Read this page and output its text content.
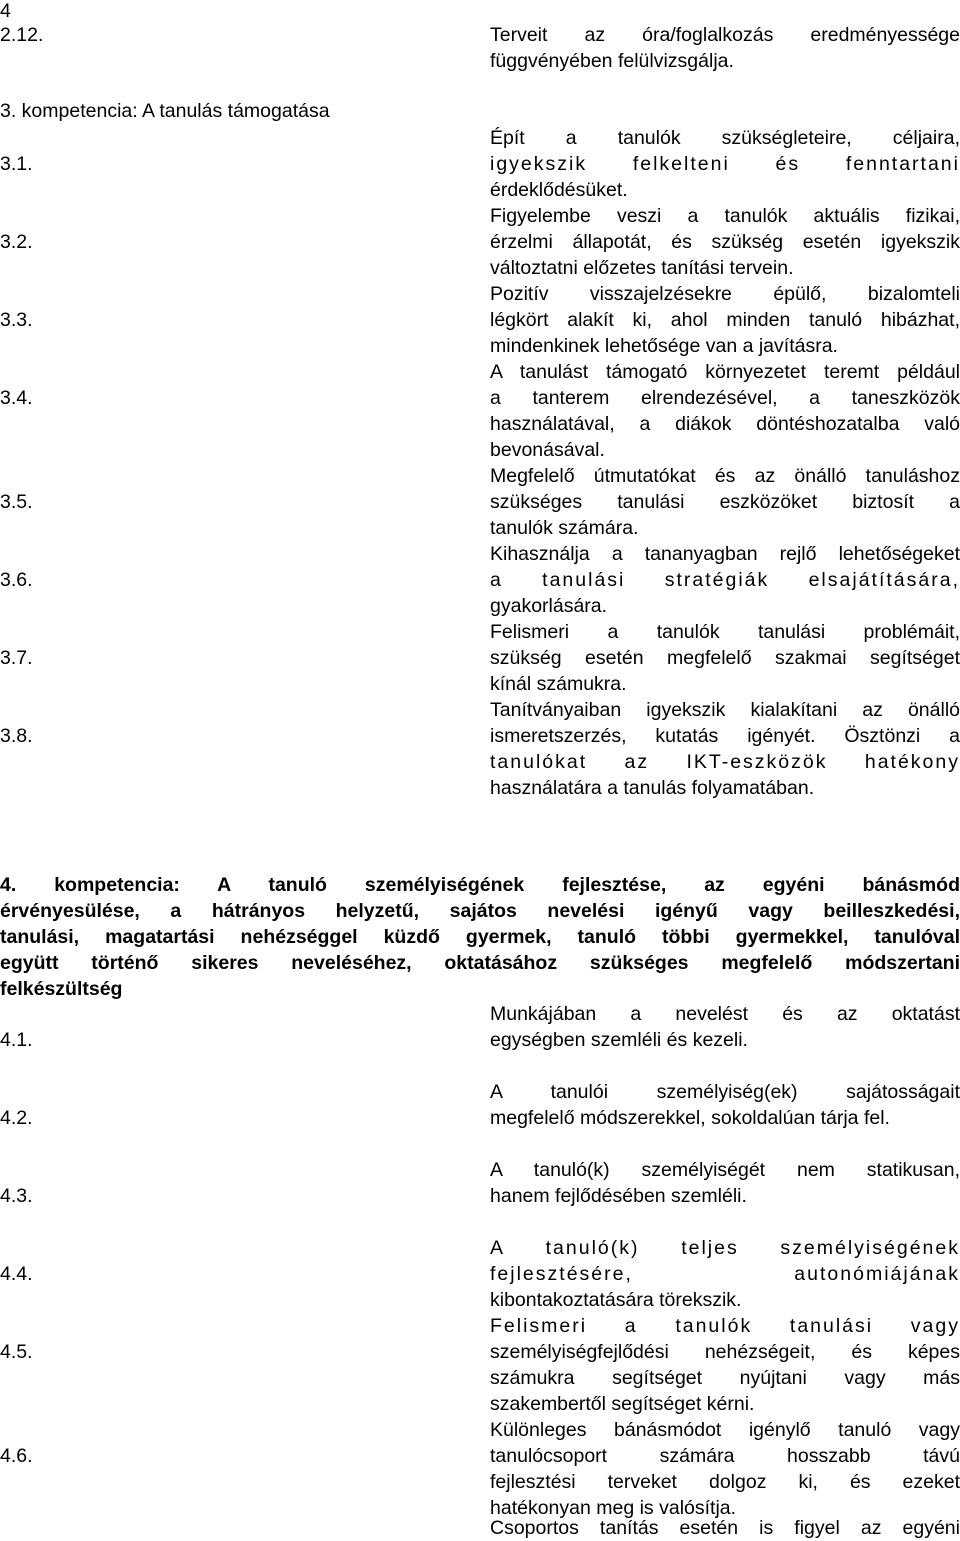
4
2.12.	Terveit az óra/foglalkozás eredményessége
függvényében felülvizsgálja.
3. kompetencia: A tanulás támogatása
3.1.
Épít a tanulók szükségleteire, céljaira,
igyekszik felkelteni és fenntartani
érdeklődésüket.
3.2.
Figyelembe veszi a tanulók aktuális fizikai,
érzelmi állapotát, és szükség esetén igyekszik
változtatni előzetes tanítási tervein.
3.3.
Pozitív visszajelzésekre épülő, bizalomteli
légkört alakít ki, ahol minden tanuló hibázhat,
mindenkinek lehetősége van a javításra.
3.4.
A tanulást támogató környezetet teremt például
a tanterem elrendezésével, a taneszközök
használatával, a diákok döntéshozatalba való
bevonásával.
3.5.
Megfelelő útmutatókat és az önálló tanuláshoz
szükséges tanulási eszközöket biztosít a
tanulók számára.
3.6.
Kihasználja a tananyagban rejlő lehetőségeket
a tanulási stratégiák elsajátítására,
gyakorlására.
3.7.
Felismeri a tanulók tanulási problémáit,
szükség esetén megfelelő szakmai segítséget
kínál számukra.
3.8.
Tanítványaiban igyekszik kialakítani az önálló
ismeretszerzés, kutatás igényét. Ösztönzi a
tanulókat az IKT-eszközök hatékony
használatára a tanulás folyamatában.
4. kompetencia: A tanuló személyiségének fejlesztése, az egyéni bánásmód
érvényesülése, a hátrányos helyzetű, sajátos nevelési igényű vagy beilleszkedési,
tanulási, magatartási nehézséggel küzdő gyermek, tanuló többi gyermekkel, tanulóval
együtt történő sikeres neveléséhez, oktatásához szükséges megfelelő módszertani
felkészültség
4.1.
Munkájában a nevelést és az oktatást
egységben szemléli és kezeli.
4.2.
A tanulói személyiség(ek) sajátosságait
megfelelő módszerekkel, sokoldalúan tárja fel.
4.3.
A tanuló(k) személyiségét nem statikusan,
hanem fejlődésében szemléli.
4.4.
A tanuló(k) teljes személyiségének
fejlesztésére, autonómiájának
kibontakoztatására törekszik.
4.5.
Felismeri a tanulók tanulási vagy
személyiségfejlődési nehézségeit, és képes
számukra segítséget nyújtani vagy más
szakembertől segítséget kérni.
4.6.
Különleges bánásmódot igénylő tanuló vagy
tanulócsoport számára hosszabb távú
fejlesztési terveket dolgoz ki, és ezeket
hatékonyan meg is valósítja.
Csoportos tanítás esetén is figyel az egyéni
